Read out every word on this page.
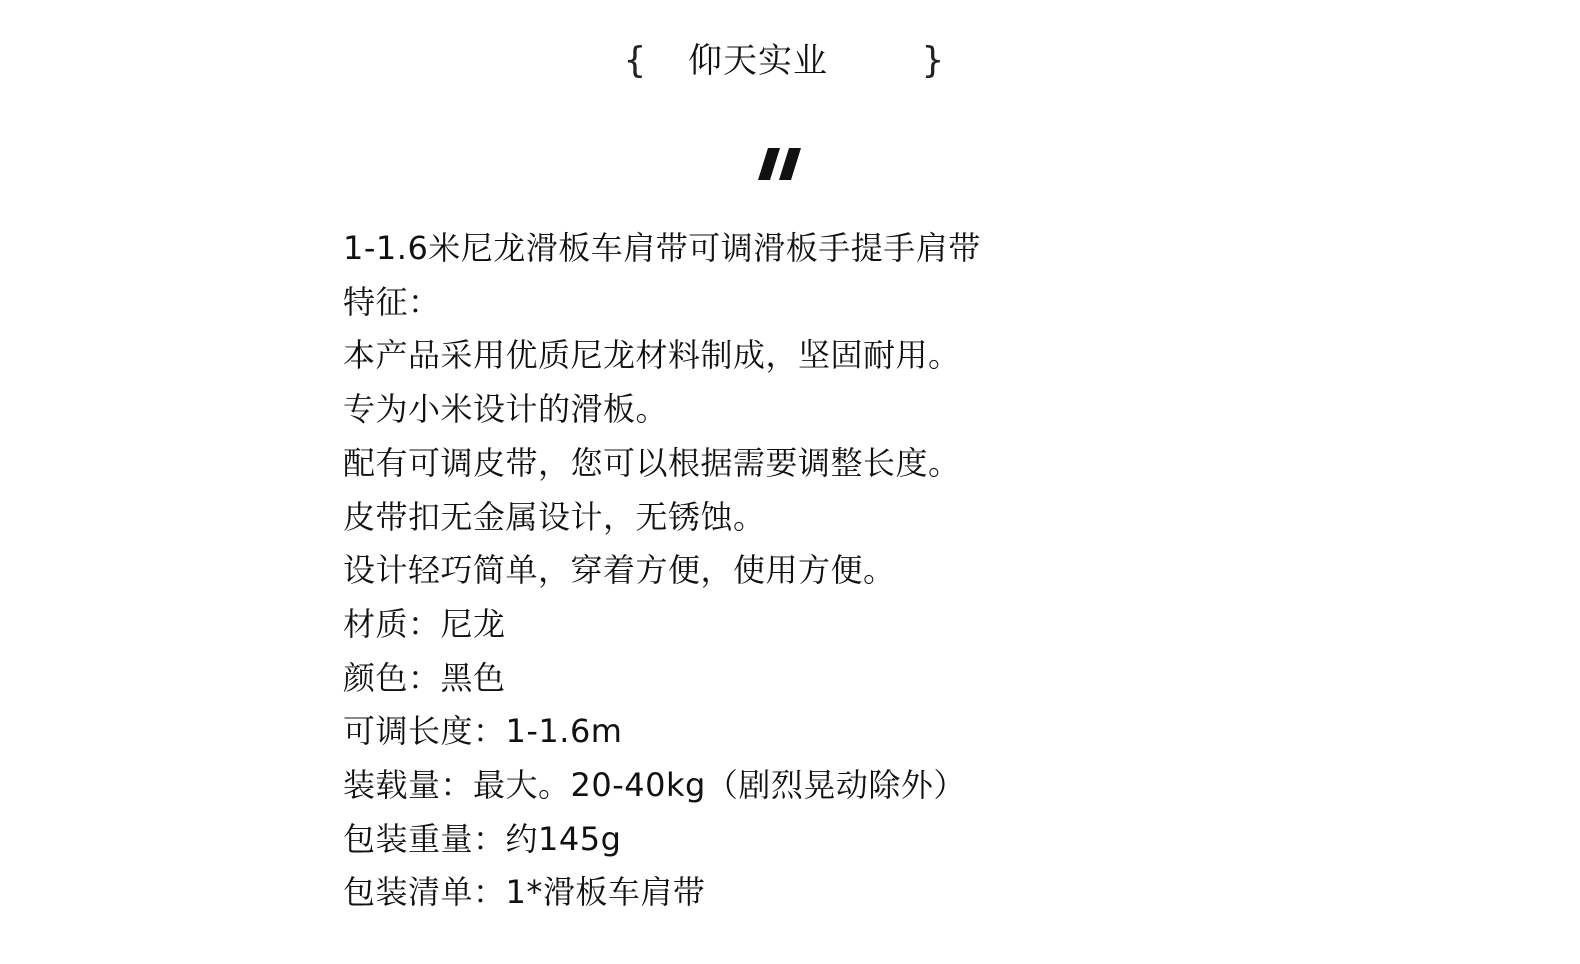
{ 仰天实业	}
1-1.6米尼龙滑板车肩带可调滑板手提手肩带
特征：
本产品采用优质尼龙材料制成，坚固耐用。
专为小米设计的滑板。
配有可调皮带，您可以根据需要调整长度。
皮带扣无金属设计，无锈蚀。
设计轻巧简单，穿着方便，使用方便。
材质：尼龙
颜色：黑色
可调长度：1-1.6m
装载量：最大。20-40kg（剧烈晃动除外）
包装重量：约145g
包装清单：1*滑板车肩带
